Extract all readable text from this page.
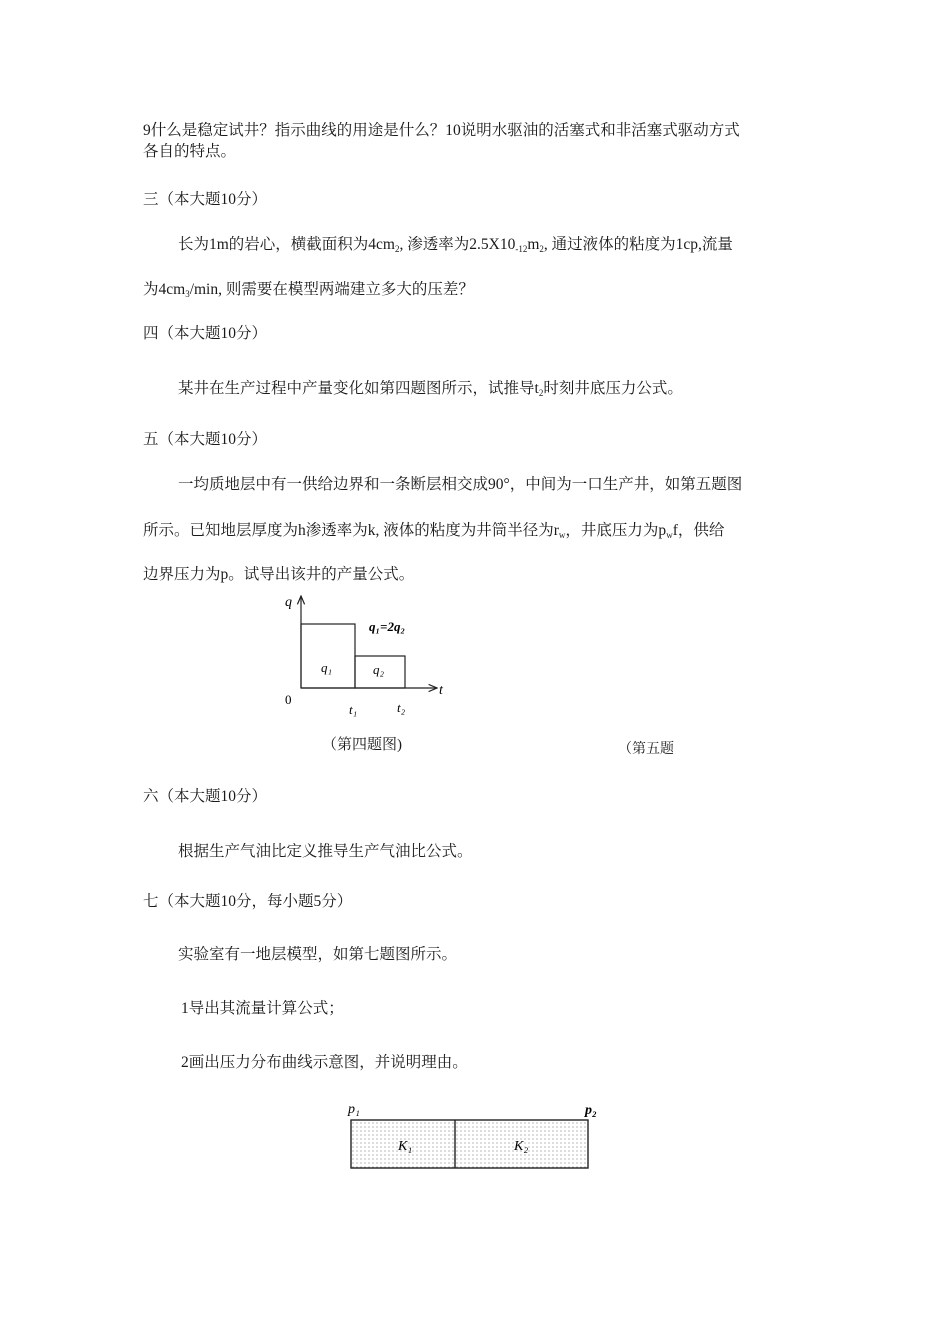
9什么是稳定试井？指示曲线的用途是什么？10说明水驱油的活塞式和非活塞式驱动方式
各自的特点。
三（本大题10分）
长为1m的岩心，横截面积为4cm2, 渗透率为2.5X10-12m2, 通过液体的粘度为1cp,流量
为4cm3/min, 则需要在模型两端建立多大的压差？
四（本大题10分）
某井在生产过程中产量变化如第四题图所示，试推导t2时刻井底压力公式。
五（本大题10分）
一均质地层中有一供给边界和一条断层相交成90°，中间为一口生产井，如第五题图
所示。已知地层厚度为h渗透率为k, 液体的粘度为井筒半径为rw，井底压力为pwf，供给
边界压力为p。试导出该井的产量公式。
q
0
t
q₁=2q₂
q₁	q₂
t₁	t₂
（第四题图)	（第五题
六（本大题10分）
根据生产气油比定义推导生产气油比公式。
七（本大题10分，每小题5分）
实验室有一地层模型，如第七题图所示。
1导出其流量计算公式；
2画出压力分布曲线示意图，并说明理由。
p₁	p₂
K₁	K₂
